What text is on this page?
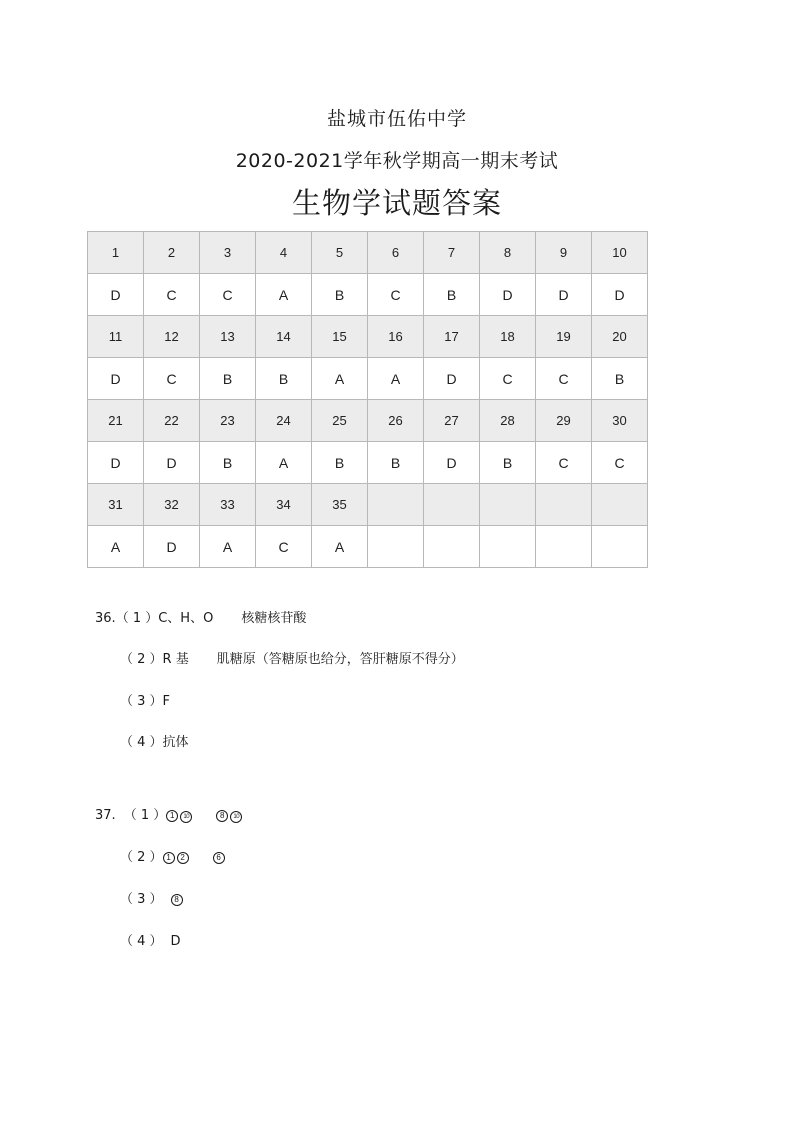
盐城市伍佑中学
2020-2021学年秋学期高一期末考试
生物学试题答案
1	2	3	4	5	6	7	8	9	10
D	C	C	A	B	C	B	D	D	D
11	12	13	14	15	16	17	18	19	20
D	C	B	B	A	A	D	C	C	B
21	22	23	24	25	26	27	28	29	30
D	D	B	A	B	B	D	B	C	C
31	32	33	34	35					
A	D	A	C	A					
36.（ 1 ）C、H、O 核糖核苷酸
（ 2 ）R 基 肌糖原（答糖原也给分，答肝糖原不得分）
（ 3 ）F
（ 4 ）抗体
37. （ 1 ） 1 10	8 10
（ 2 ） 1 2	6
（ 3 ） 8
（ 4 ） D
